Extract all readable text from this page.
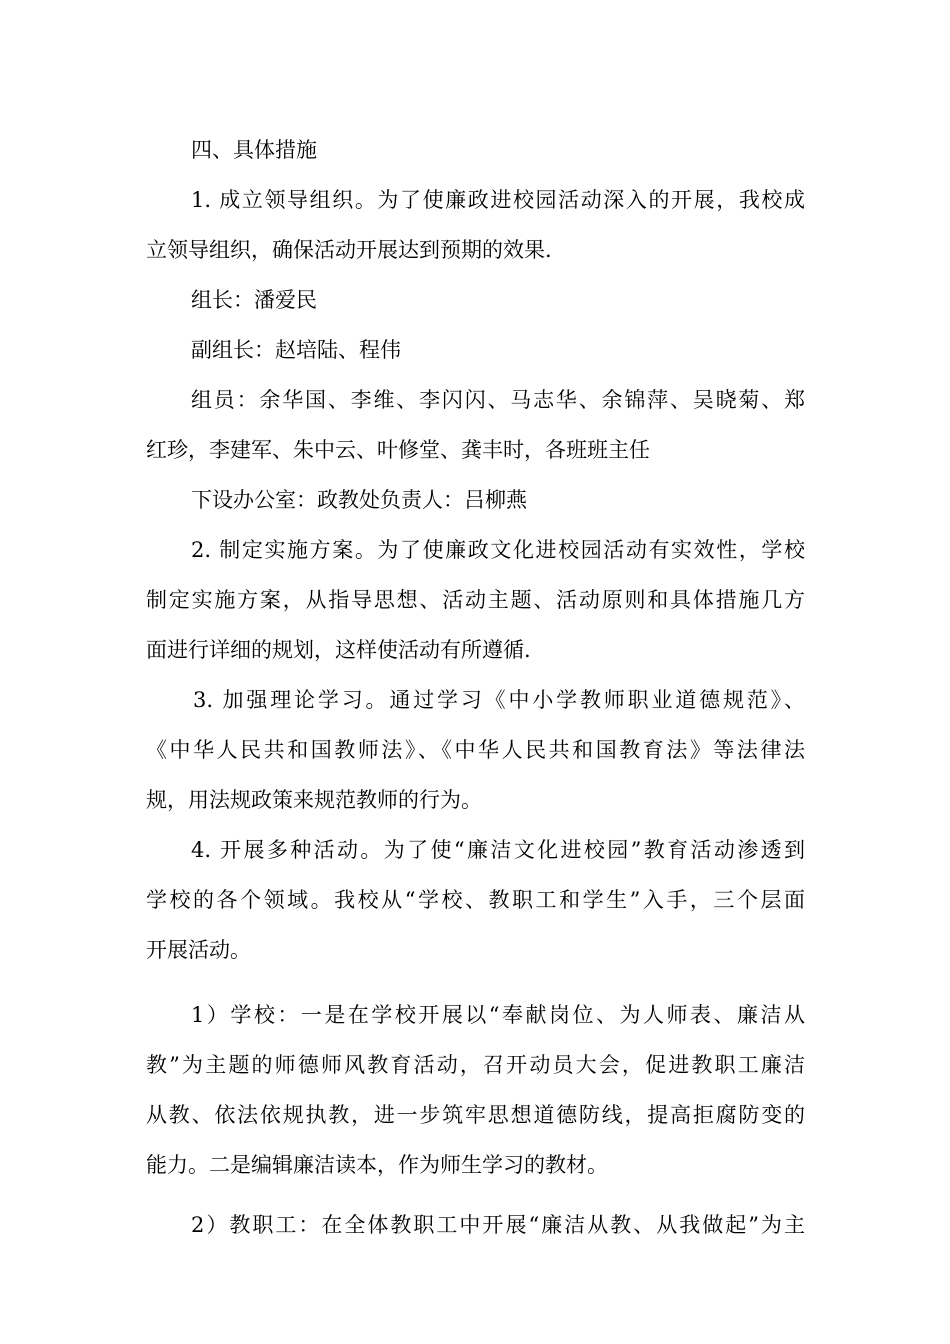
四、具体措施
1. 成立领导组织。为了使廉政进校园活动深入的开展，我校成
立领导组织，确保活动开展达到预期的效果.
组长：潘爱民
副组长：赵培陆、程伟
组员：余华国、李维、李闪闪、马志华、余锦萍、吴晓菊、郑
红珍，李建军、朱中云、叶修堂、龚丰时，各班班主任
下设办公室：政教处负责人：吕柳燕
2. 制定实施方案。为了使廉政文化进校园活动有实效性，学校
制定实施方案，从指导思想、活动主题、活动原则和具体措施几方
面进行详细的规划，这样使活动有所遵循.
3. 加强理论学习。通过学习《中小学教师职业道德规范》、
《中华人民共和国教师法》、《中华人民共和国教育法》等法律法
规，用法规政策来规范教师的行为。
4. 开展多种活动。为了使“廉洁文化进校园”教育活动渗透到
学校的各个领域。我校从“学校、教职工和学生”入手，三个层面
开展活动。
1）学校：一是在学校开展以“奉献岗位、为人师表、廉洁从
教”为主题的师德师风教育活动，召开动员大会，促进教职工廉洁
从教、依法依规执教，进一步筑牢思想道德防线，提高拒腐防变的
能力。二是编辑廉洁读本，作为师生学习的教材。
2）教职工：在全体教职工中开展“廉洁从教、从我做起”为主
